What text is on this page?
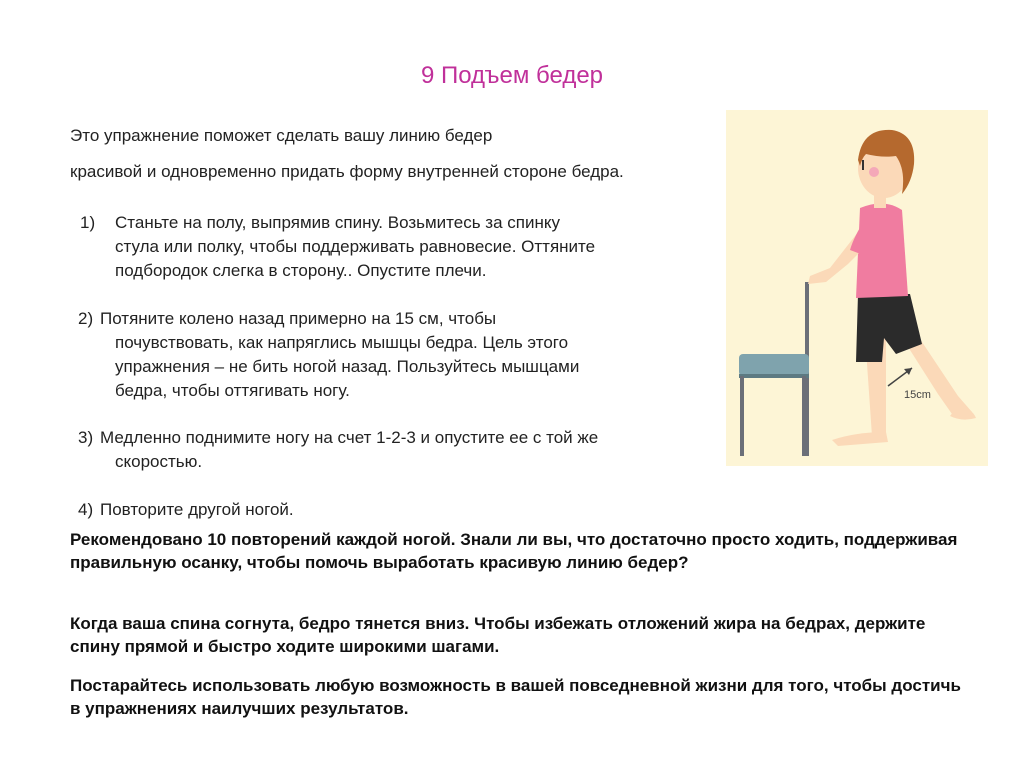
9 Подъем бедер
Это упражнение поможет сделать вашу линию бедер
красивой и одновременно придать форму внутренней стороне бедра.
1) Станьте на полу, выпрямив спину. Возьмитесь за спинку
стула или полку, чтобы поддерживать равновесие. Оттяните
подбородок слегка в сторону.. Опустите плечи.
2) Потяните колено назад примерно на 15 см, чтобы
почувствовать, как напряглись мышцы бедра. Цель этого
упражнения – не бить ногой назад. Пользуйтесь мышцами
бедра, чтобы оттягивать ногу.
3) Медленно поднимите ногу на счет 1-2-3 и опустите ее с той же
скоростью.
4) Повторите другой ногой.
Рекомендовано 10 повторений каждой ногой. Знали ли вы, что достаточно просто ходить, поддерживая правильную осанку, чтобы помочь выработать красивую линию бедер?
Когда ваша спина согнута, бедро тянется вниз. Чтобы избежать отложений жира на бедрах, держите спину прямой и быстро ходите широкими шагами.
Постарайтесь использовать любую возможность в вашей повседневной жизни для того, чтобы достичь в упражнениях наилучших результатов.
15cm
